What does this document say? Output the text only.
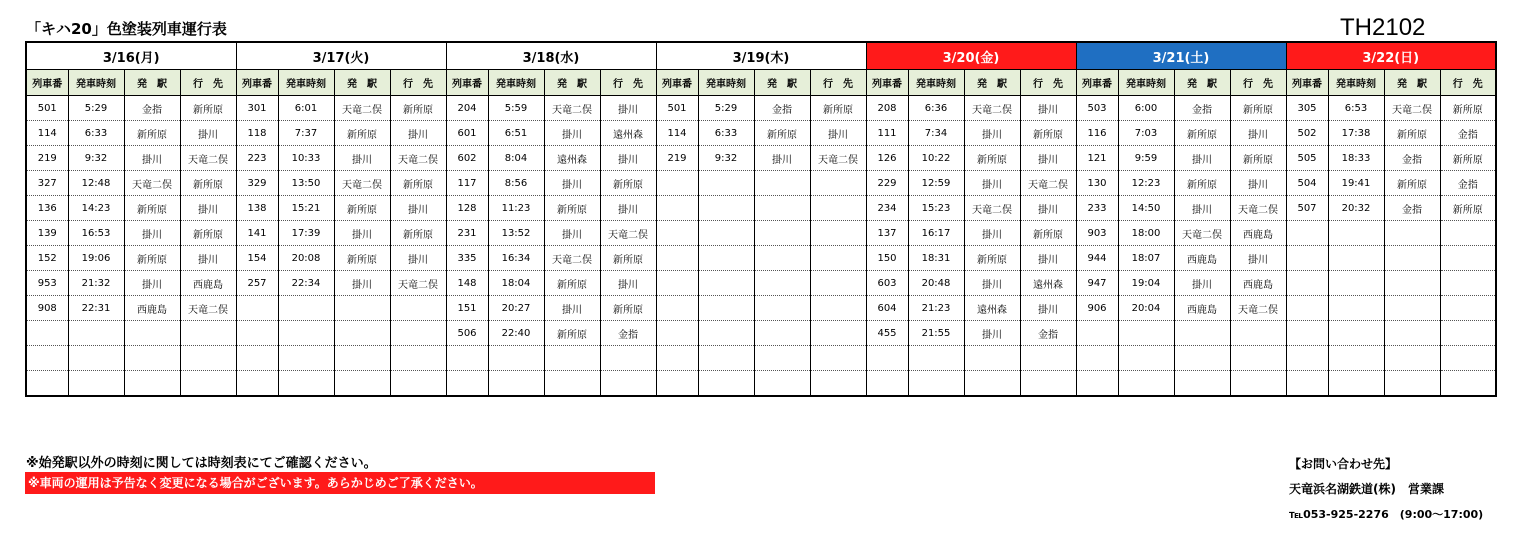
「キハ20」色塗装列車運行表	TH2102
3/16(月)				3/17(火)				3/18(水)				3/19(木)				3/20(金)				3/21(土)				3/22(日)			
列車番	発車時刻	発　駅	行　先	列車番	発車時刻	発　駅	行　先	列車番	発車時刻	発　駅	行　先	列車番	発車時刻	発　駅	行　先	列車番	発車時刻	発　駅	行　先	列車番	発車時刻	発　駅	行　先	列車番	発車時刻	発　駅	行　先
501	5:29	金指	新所原	301	6:01	天竜二俣	新所原	204	5:59	天竜二俣	掛川	501	5:29	金指	新所原	208	6:36	天竜二俣	掛川	503	6:00	金指	新所原	305	6:53	天竜二俣	新所原
114	6:33	新所原	掛川	118	7:37	新所原	掛川	601	6:51	掛川	遠州森	114	6:33	新所原	掛川	111	7:34	掛川	新所原	116	7:03	新所原	掛川	502	17:38	新所原	金指
219	9:32	掛川	天竜二俣	223	10:33	掛川	天竜二俣	602	8:04	遠州森	掛川	219	9:32	掛川	天竜二俣	126	10:22	新所原	掛川	121	9:59	掛川	新所原	505	18:33	金指	新所原
327	12:48	天竜二俣	新所原	329	13:50	天竜二俣	新所原	117	8:56	掛川	新所原					229	12:59	掛川	天竜二俣	130	12:23	新所原	掛川	504	19:41	新所原	金指
136	14:23	新所原	掛川	138	15:21	新所原	掛川	128	11:23	新所原	掛川					234	15:23	天竜二俣	掛川	233	14:50	掛川	天竜二俣	507	20:32	金指	新所原
139	16:53	掛川	新所原	141	17:39	掛川	新所原	231	13:52	掛川	天竜二俣					137	16:17	掛川	新所原	903	18:00	天竜二俣	西鹿島				
152	19:06	新所原	掛川	154	20:08	新所原	掛川	335	16:34	天竜二俣	新所原					150	18:31	新所原	掛川	944	18:07	西鹿島	掛川				
953	21:32	掛川	西鹿島	257	22:34	掛川	天竜二俣	148	18:04	新所原	掛川					603	20:48	掛川	遠州森	947	19:04	掛川	西鹿島				
908	22:31	西鹿島	天竜二俣					151	20:27	掛川	新所原					604	21:23	遠州森	掛川	906	20:04	西鹿島	天竜二俣				
								506	22:40	新所原	金指					455	21:55	掛川	金指								

※始発駅以外の時刻に関しては時刻表にてご確認ください。
※車両の運用は予告なく変更になる場合がございます。あらかじめご了承ください。
【お問い合わせ先】
天竜浜名湖鉄道(株)　営業課
℡053-925-2276　(9:00～17:00)
